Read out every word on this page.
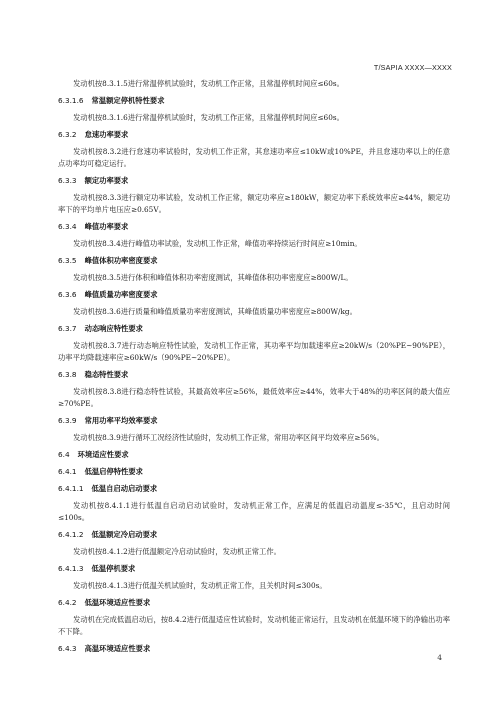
T/SAPIA XXXX—XXXX
发动机按8.3.1.5进行常温停机试验时，发动机工作正常，且常温停机时间应≤60s。
6.3.1.6 常温额定停机特性要求
发动机按8.3.1.6进行常温停机试验时，发动机工作正常，且常温停机时间应≤60s。
6.3.2 怠速功率要求
发动机按8.3.2进行怠速功率试验时，发动机工作正常，其怠速功率应≤10kW或10%PE，并且怠速功率以上的任意点功率均可稳定运行。
6.3.3 额定功率要求
发动机按8.3.3进行额定功率试验，发动机工作正常，额定功率应≥180kW，额定功率下系统效率应≥44%，额定功率下的平均单片电压应≥0.65V。
6.3.4 峰值功率要求
发动机按8.3.4进行峰值功率试验，发动机工作正常，峰值功率持续运行时间应≥10min。
6.3.5 峰值体积功率密度要求
发动机按8.3.5进行体积和峰值体积功率密度测试，其峰值体积功率密度应≥800W/L。
6.3.6 峰值质量功率密度要求
发动机按8.3.6进行质量和峰值质量功率密度测试，其峰值质量功率密度应≥800W/kg。
6.3.7 动态响应特性要求
发动机按8.3.7进行动态响应特性试验，发动机工作正常，其功率平均加载速率应≥20kW/s（20%PE~90%PE），功率平均降载速率应≥60kW/s（90%PE~20%PE）。
6.3.8 稳态特性要求
发动机按8.3.8进行稳态特性试验，其最高效率应≥56%，最低效率应≥44%，效率大于48%的功率区间的最大值应≥70%PE。
6.3.9 常用功率平均效率要求
发动机按8.3.9进行循环工况经济性试验时，发动机工作正常，常用功率区间平均效率应≥56%。
6.4 环境适应性要求
6.4.1 低温启停特性要求
6.4.1.1 低温自启动启动要求
发动机按8.4.1.1进行低温自启动启动试验时，发动机正常工作，应满足的低温启动温度≤-35℃，且启动时间≤100s。
6.4.1.2 低温额定冷启动要求
发动机按8.4.1.2进行低温额定冷启动试验时，发动机正常工作。
6.4.1.3 低温停机要求
发动机按8.4.1.3进行低温关机试验时，发动机正常工作，且关机时间≤300s。
6.4.2 低温环境适应性要求
发动机在完成低温启动后，按8.4.2进行低温适应性试验时，发动机能正常运行，且发动机在低温环境下的净输出功率不下降。
6.4.3 高温环境适应性要求
4
